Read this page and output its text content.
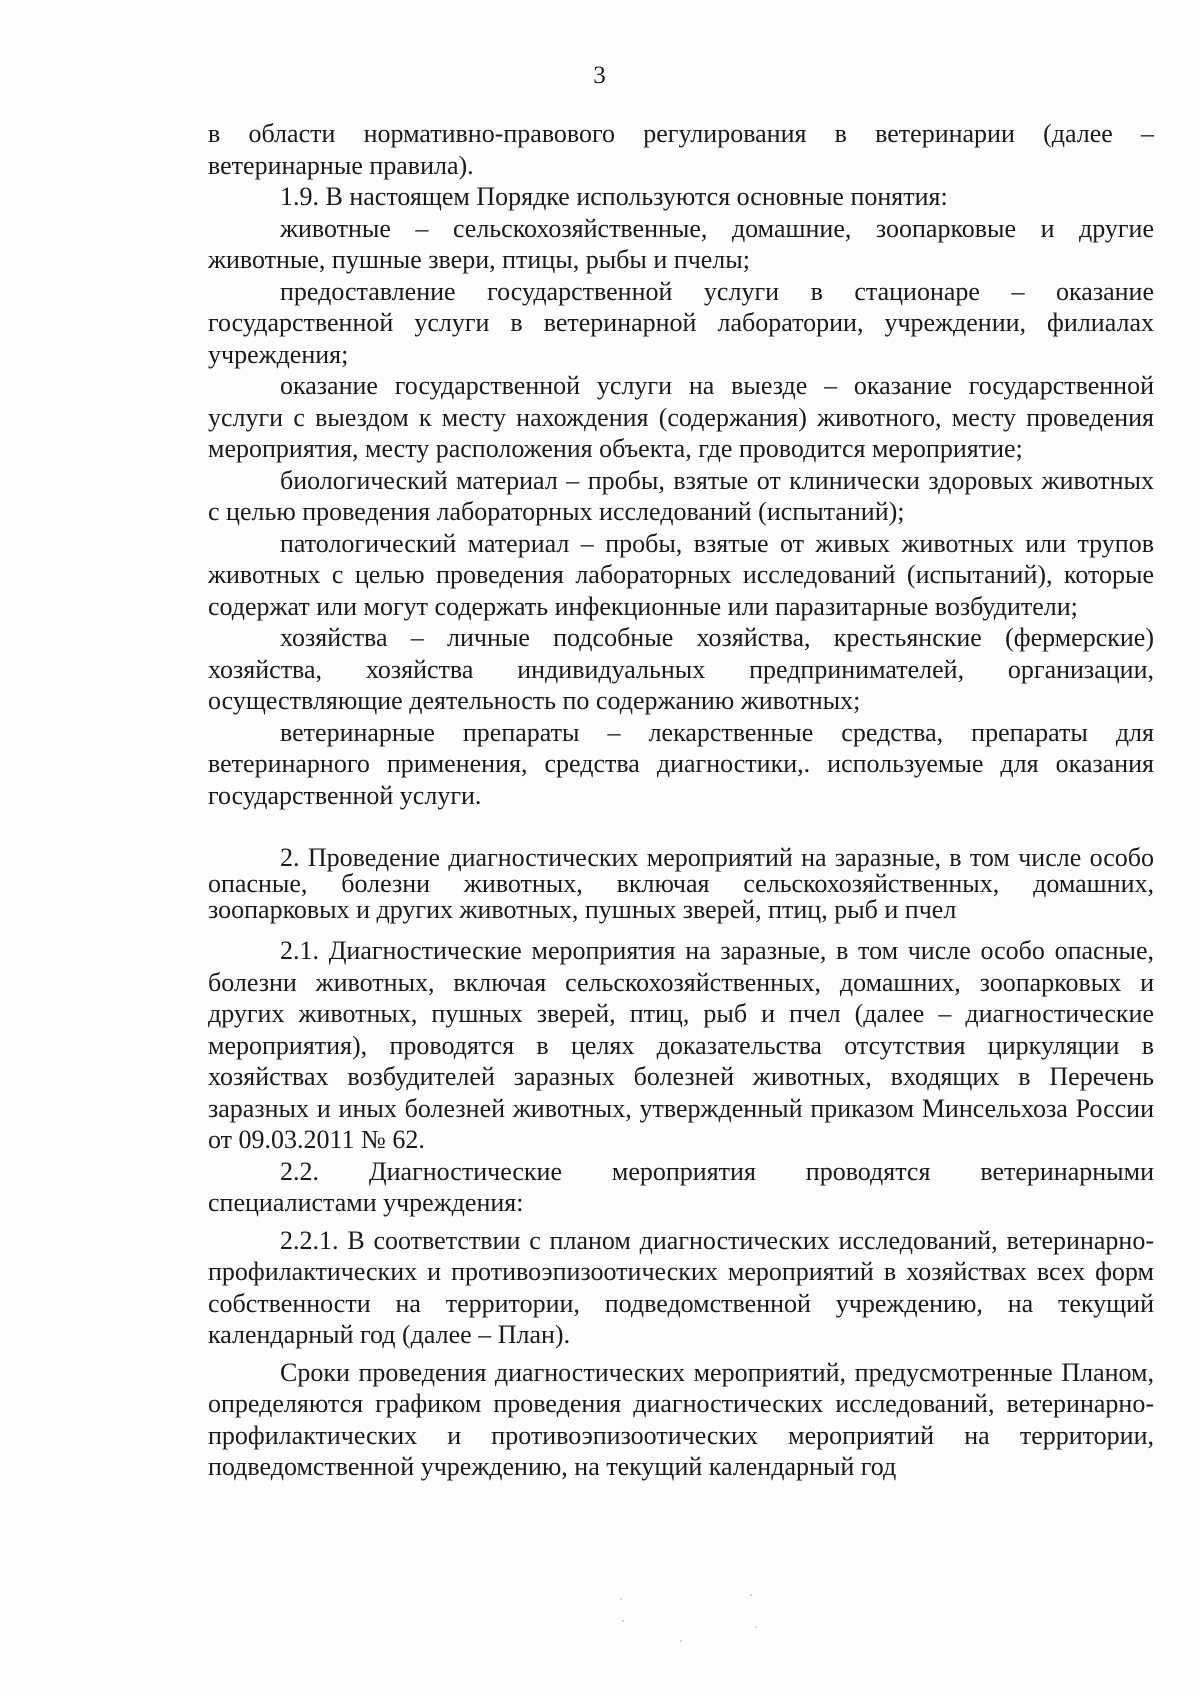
3

в области нормативно-правового регулирования в ветеринарии (далее – ветеринарные правила).

1.9. В настоящем Порядке используются основные понятия:

животные – сельскохозяйственные, домашние, зоопарковые и другие животные, пушные звери, птицы, рыбы и пчелы;

предоставление государственной услуги в стационаре – оказание государственной услуги в ветеринарной лаборатории, учреждении, филиалах учреждения;

оказание государственной услуги на выезде – оказание государственной услуги с выездом к месту нахождения (содержания) животного, месту проведения мероприятия, месту расположения объекта, где проводится мероприятие;

биологический материал – пробы, взятые от клинически здоровых животных с целью проведения лабораторных исследований (испытаний);

патологический материал – пробы, взятые от живых животных или трупов животных с целью проведения лабораторных исследований (испытаний), которые содержат или могут содержать инфекционные или паразитарные возбудители;

хозяйства – личные подсобные хозяйства, крестьянские (фермерские) хозяйства, хозяйства индивидуальных предпринимателей, организации, осуществляющие деятельность по содержанию животных;

ветеринарные препараты – лекарственные средства, препараты для ветеринарного применения, средства диагностики,. используемые для оказания государственной услуги.

2. Проведение диагностических мероприятий на заразные, в том числе особо опасные, болезни животных, включая сельскохозяйственных, домашних, зоопарковых и других животных, пушных зверей, птиц, рыб и пчел

2.1. Диагностические мероприятия на заразные, в том числе особо опасные, болезни животных, включая сельскохозяйственных, домашних, зоопарковых и других животных, пушных зверей, птиц, рыб и пчел (далее – диагностические мероприятия), проводятся в целях доказательства отсутствия циркуляции в хозяйствах возбудителей заразных болезней животных, входящих в Перечень заразных и иных болезней животных, утвержденный приказом Минсельхоза России от 09.03.2011 № 62.

2.2. Диагностические мероприятия проводятся ветеринарными специалистами учреждения:

2.2.1. В соответствии с планом диагностических исследований, ветеринарно-профилактических и противоэпизоотических мероприятий в хозяйствах всех форм собственности на территории, подведомственной учреждению, на текущий календарный год (далее – План).

Сроки проведения диагностических мероприятий, предусмотренные Планом, определяются графиком проведения диагностических исследований, ветеринарно-профилактических и противоэпизоотических мероприятий на территории, подведомственной учреждению, на текущий календарный год
